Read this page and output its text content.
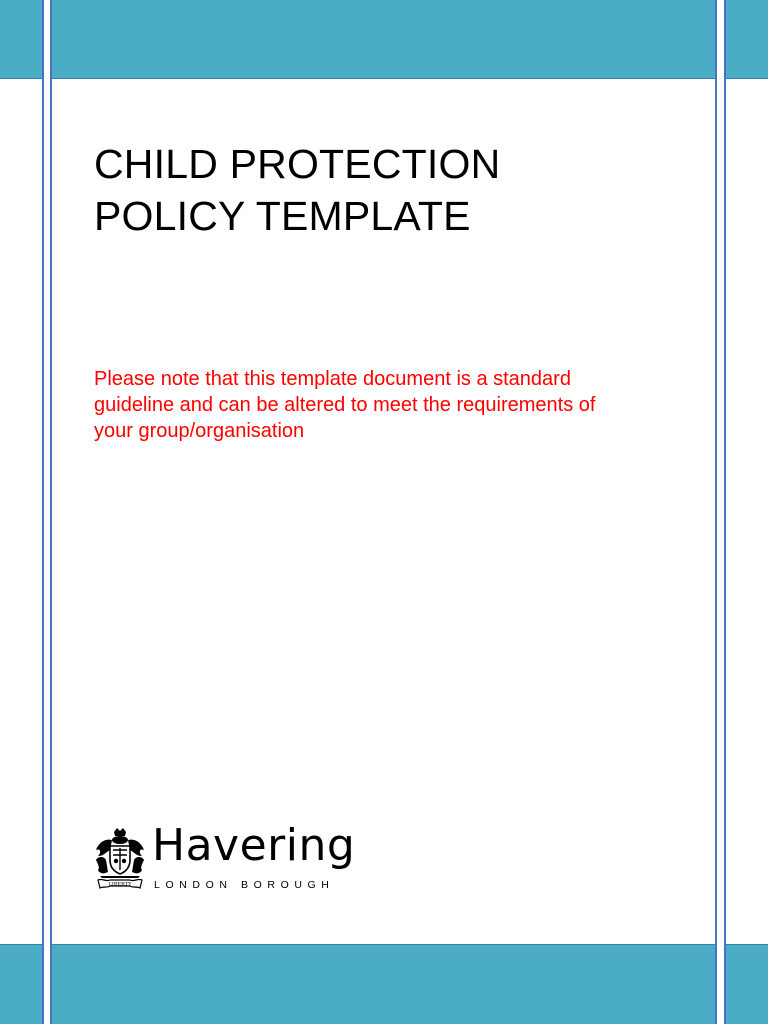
CHILD PROTECTION
POLICY TEMPLATE

Please note that this template document is a standard
guideline and can be altered to meet the requirements of
your group/organisation

LIBERTY
Havering
LONDON BOROUGH
